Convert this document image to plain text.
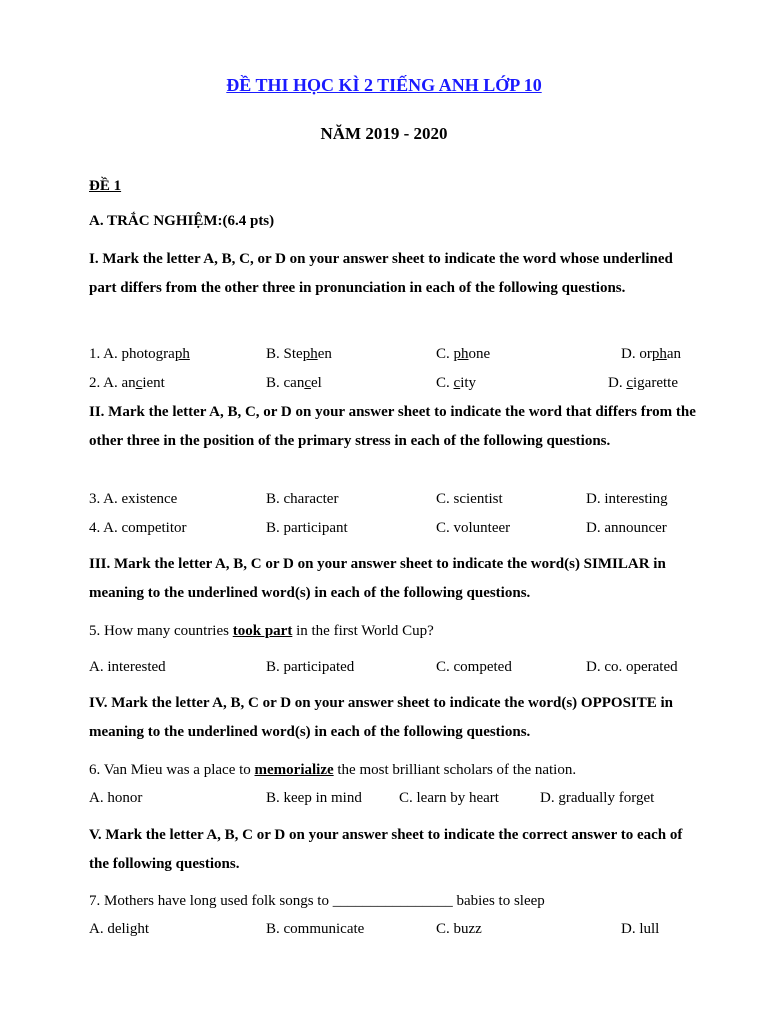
ĐỀ THI HỌC KÌ 2 TIẾNG ANH LỚP 10
NĂM 2019 - 2020
ĐỀ 1
A. TRẮC NGHIỆM:(6.4 pts)
I. Mark the letter A, B, C, or D on your answer sheet to indicate the word whose underlined part differs from the other three in pronunciation in each of the following questions.
1. A. photograph	B. Stephen	C. phone	D. orphan
2. A. ancient	B. cancel	C. city	D. cigarette
II. Mark the letter A, B, C, or D on your answer sheet to indicate the word that differs from the other three in the position of the primary stress in each of the following questions.
3. A. existence	B. character	C. scientist	D. interesting
4. A. competitor	B. participant	C. volunteer	D. announcer
III. Mark the letter A, B, C or D on your answer sheet to indicate the word(s) SIMILAR in meaning to the underlined word(s) in each of the following questions.
5. How many countries took part in the first World Cup?
A. interested	B. participated	C. competed	D. co. operated
IV. Mark the letter A, B, C or D on your answer sheet to indicate the word(s) OPPOSITE in meaning to the underlined word(s) in each of the following questions.
6. Van Mieu was a place to memorialize the most brilliant scholars of the nation.
A. honor	B. keep in mind C. learn by heart	D. gradually forget
V. Mark the letter A, B, C or D on your answer sheet to indicate the correct answer to each of the following questions.
7. Mothers have long used folk songs to ________________ babies to sleep
A. delight	B. communicate	C. buzz	D. lull
